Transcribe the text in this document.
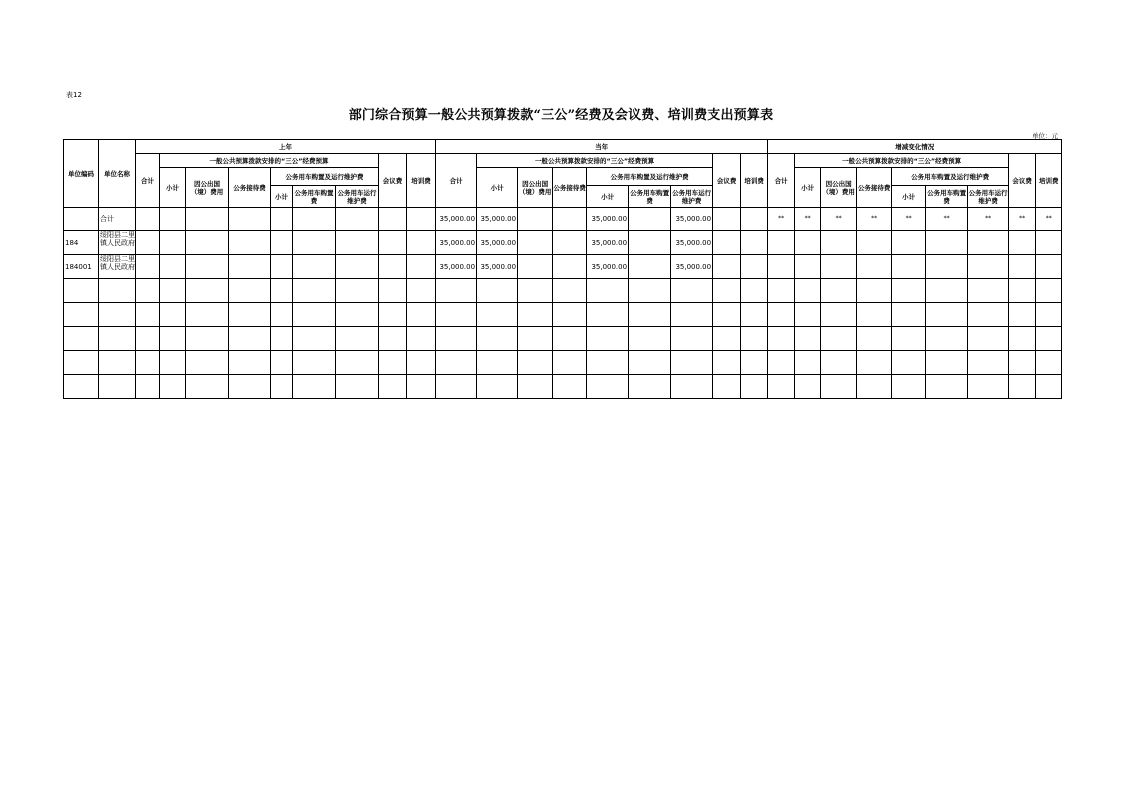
表12
部门综合预算一般公共预算拨款“三公”经费及会议费、培训费支出预算表
单位：元
单位编码	单位名称	上年									当年									增减变化情况								
		合计	一般公共预算拨款安排的“三公”经费预算						会议费	培训费	合计	一般公共预算拨款安排的“三公”经费预算						会议费	培训费	合计	一般公共预算拨款安排的“三公”经费预算						会议费	培训费
			小计	因公出国（境）费用	公务接待费	公务用车购置及运行维护费						小计	因公出国（境）费用	公务接待费	公务用车购置及运行维护费						小计	因公出国（境）费用	公务接待费	公务用车购置及运行维护费				
						小计	公务用车购置费	公务用车运行维护费							小计	公务用车购置费	公务用车运行维护费							小计	公务用车购置费	公务用车运行维护费		
	合计										35,000.00	35,000.00			35,000.00		35,000.00			**	**	**	**	**	**	**	**	**
184	绥阳县二里镇人民政府										35,000.00	35,000.00			35,000.00		35,000.00											
184001	绥阳县二里镇人民政府										35,000.00	35,000.00			35,000.00		35,000.00											
